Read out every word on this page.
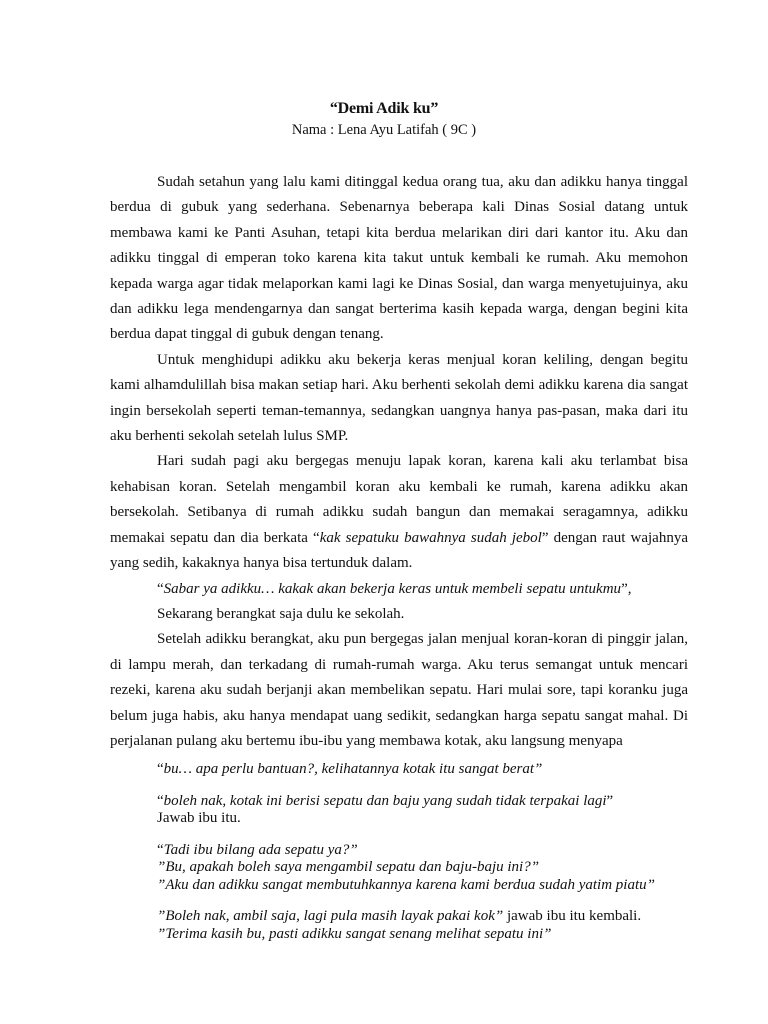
“Demi Adik ku”
Nama : Lena Ayu Latifah ( 9C )

Sudah setahun yang lalu kami ditinggal kedua orang tua, aku dan adikku hanya tinggal berdua di gubuk yang sederhana. Sebenarnya beberapa kali Dinas Sosial datang untuk membawa kami ke Panti Asuhan, tetapi kita berdua melarikan diri dari kantor itu. Aku dan adikku tinggal di emperan toko karena kita takut untuk kembali ke rumah. Aku memohon kepada warga agar tidak melaporkan kami lagi ke Dinas Sosial, dan warga menyetujuinya, aku dan adikku lega mendengarnya dan sangat berterima kasih kepada warga, dengan begini kita berdua dapat tinggal di gubuk dengan tenang.

Untuk menghidupi adikku aku bekerja keras menjual koran keliling, dengan begitu kami alhamdulillah bisa makan setiap hari. Aku berhenti sekolah demi adikku karena dia sangat ingin bersekolah seperti teman-temannya, sedangkan uangnya hanya pas-pasan, maka dari itu aku berhenti sekolah setelah lulus SMP.

Hari sudah pagi aku bergegas menuju lapak koran, karena kali aku terlambat bisa kehabisan koran. Setelah mengambil koran aku kembali ke rumah, karena adikku akan bersekolah. Setibanya di rumah adikku sudah bangun dan memakai seragamnya, adikku memakai sepatu dan dia berkata “kak sepatuku bawahnya sudah jebol” dengan raut wajahnya yang sedih, kakaknya hanya bisa tertunduk dalam.

“Sabar ya adikku… kakak akan bekerja keras untuk membeli sepatu untukmu”,

Sekarang berangkat saja dulu ke sekolah.

Setelah adikku berangkat, aku pun bergegas jalan menjual koran-koran di pinggir jalan, di lampu merah, dan terkadang di rumah-rumah warga. Aku terus semangat untuk mencari rezeki, karena aku sudah berjanji akan membelikan sepatu. Hari mulai sore, tapi koranku juga belum juga habis, aku hanya mendapat uang sedikit, sedangkan harga sepatu sangat mahal. Di perjalanan pulang aku bertemu ibu-ibu yang membawa kotak, aku langsung menyapa

“bu… apa perlu bantuan?, kelihatannya kotak itu sangat berat”

“boleh nak, kotak ini berisi sepatu dan baju yang sudah tidak terpakai lagi”

Jawab ibu itu.

“Tadi ibu bilang ada sepatu ya?”

”Bu, apakah boleh saya mengambil sepatu dan baju-baju ini?”

”Aku dan adikku sangat membutuhkannya karena kami berdua sudah yatim piatu”

”Boleh nak, ambil saja, lagi pula masih layak pakai kok” jawab ibu itu kembali.

”Terima kasih bu, pasti adikku sangat senang melihat sepatu ini”
